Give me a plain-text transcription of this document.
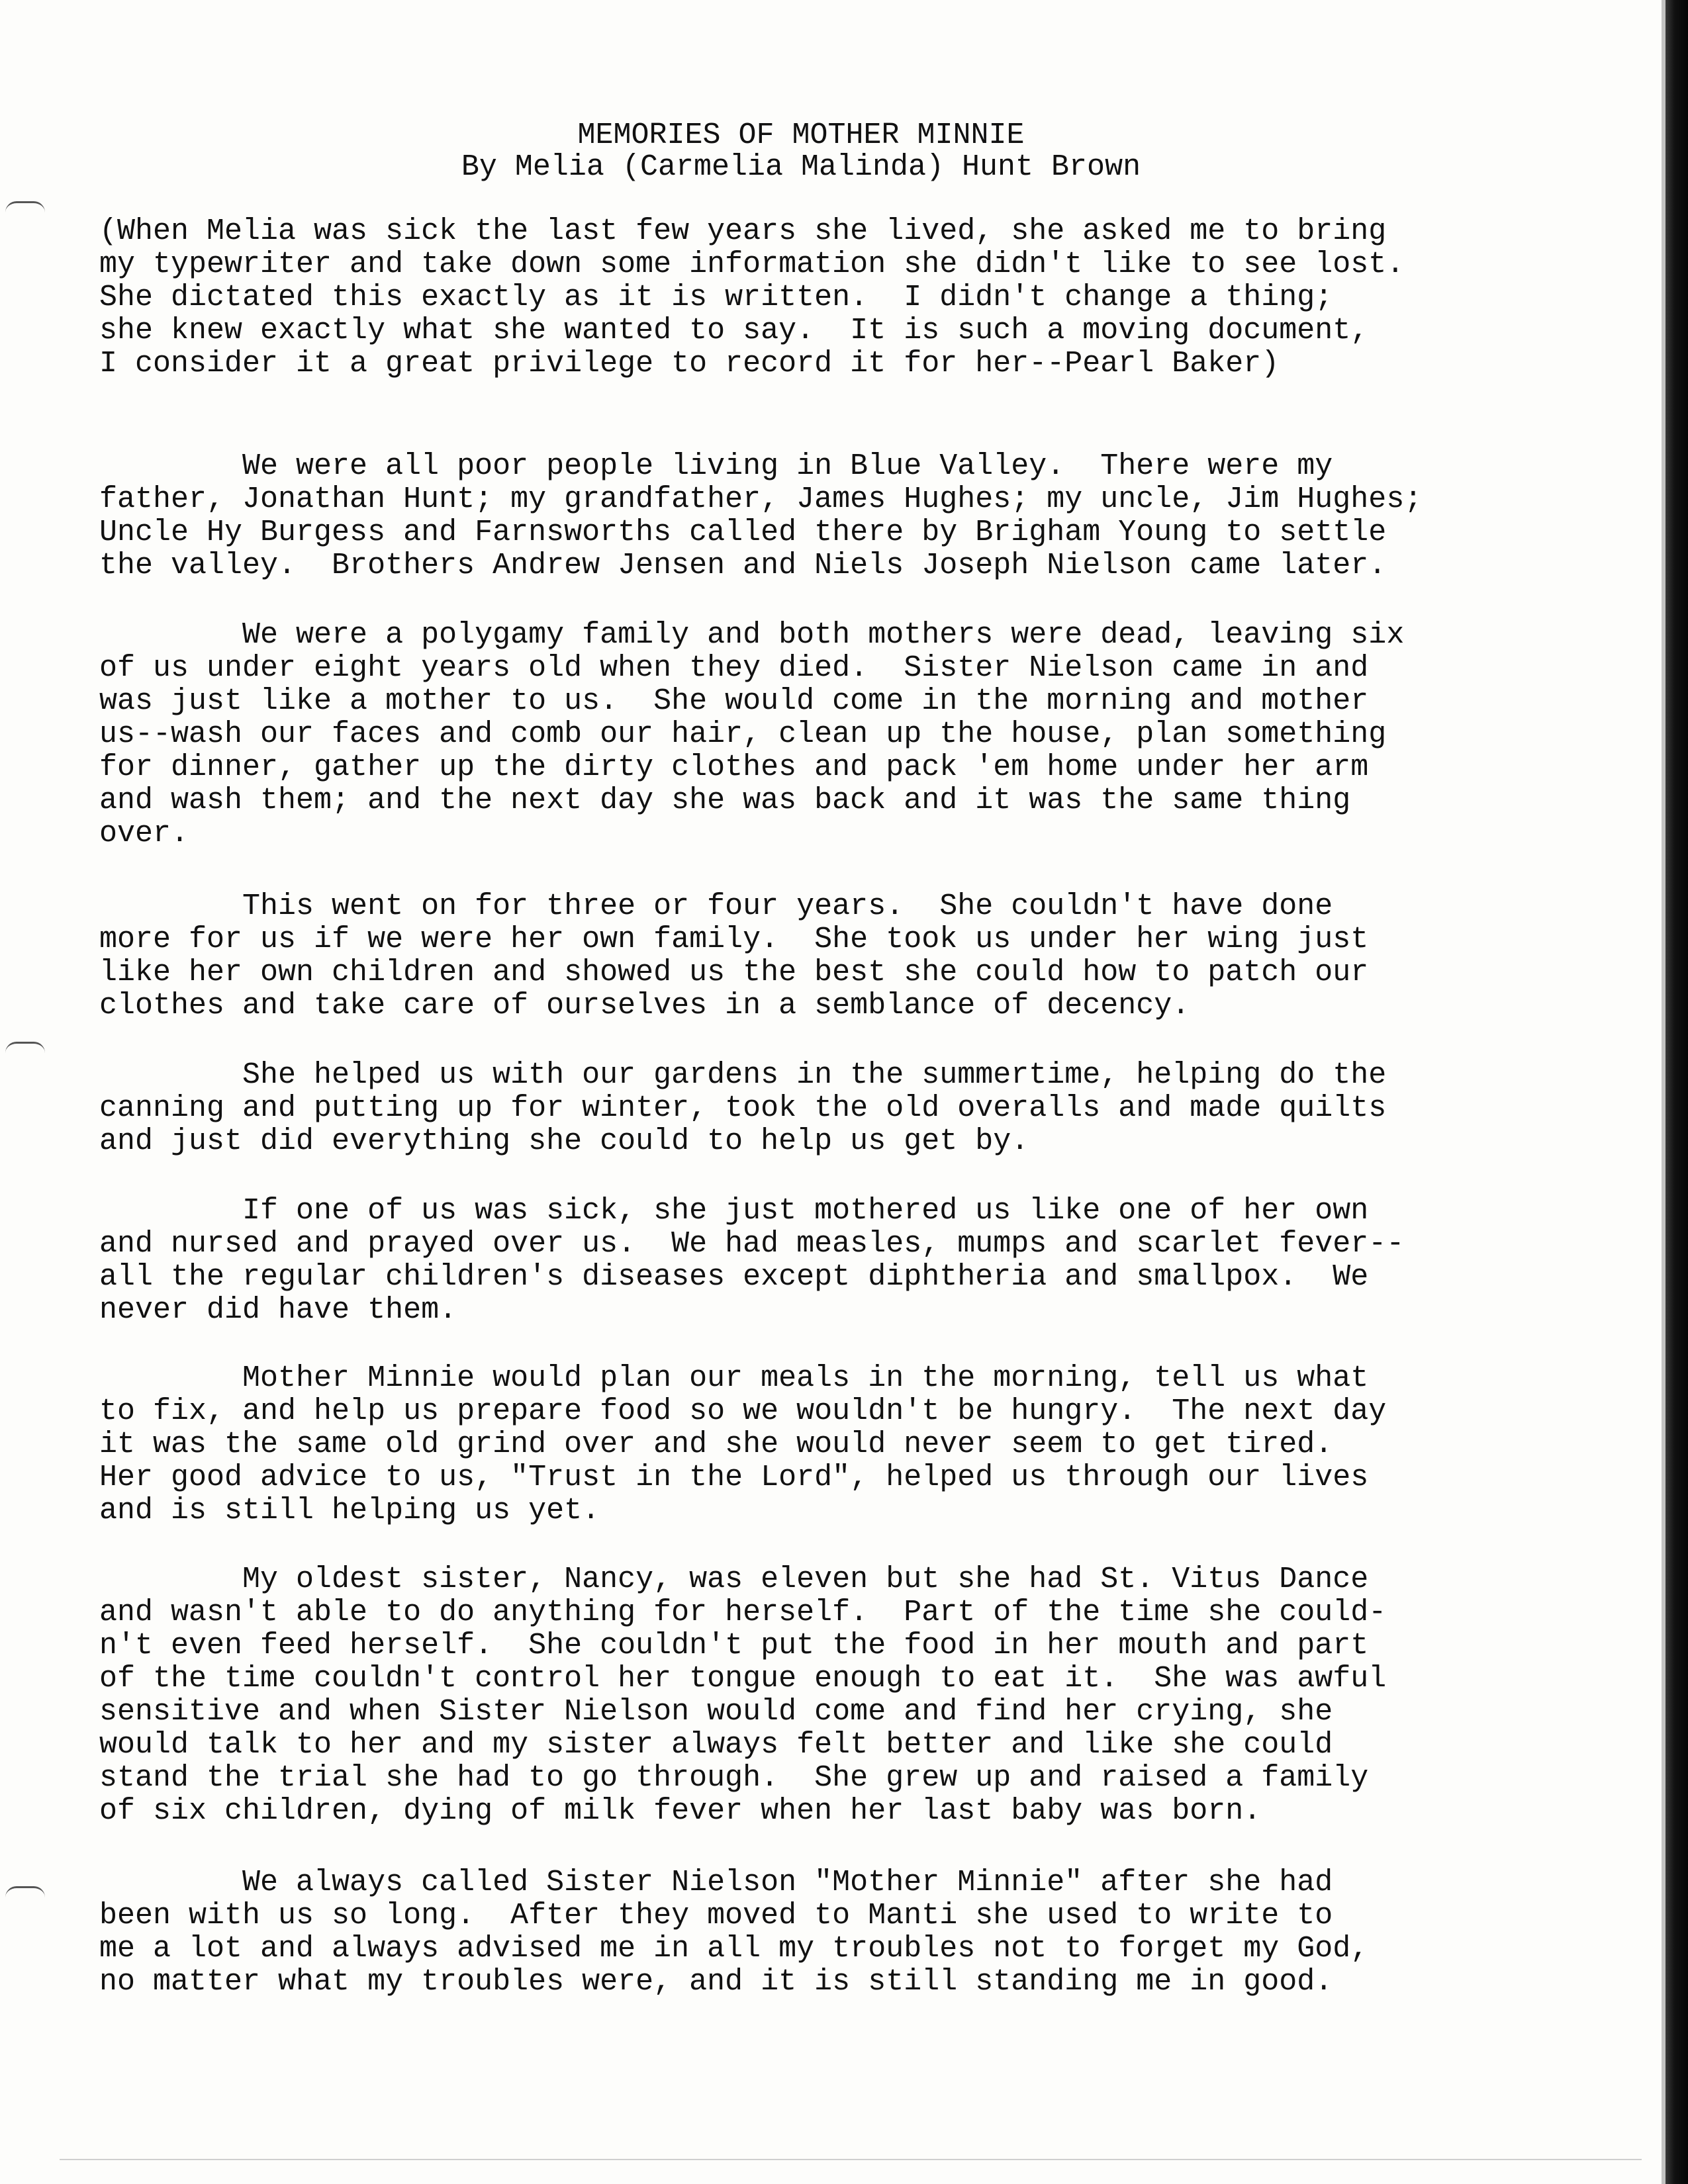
MEMORIES OF MOTHER MINNIE
By Melia (Carmelia Malinda) Hunt Brown
(When Melia was sick the last few years she lived, she asked me to bring
my typewriter and take down some information she didn't like to see lost.
She dictated this exactly as it is written.  I didn't change a thing;
she knew exactly what she wanted to say.  It is such a moving document,
I consider it a great privilege to record it for her--Pearl Baker)
We were all poor people living in Blue Valley.  There were my
father, Jonathan Hunt; my grandfather, James Hughes; my uncle, Jim Hughes;
Uncle Hy Burgess and Farnsworths called there by Brigham Young to settle
the valley.  Brothers Andrew Jensen and Niels Joseph Nielson came later.
We were a polygamy family and both mothers were dead, leaving six
of us under eight years old when they died.  Sister Nielson came in and
was just like a mother to us.  She would come in the morning and mother
us--wash our faces and comb our hair, clean up the house, plan something
for dinner, gather up the dirty clothes and pack 'em home under her arm
and wash them; and the next day she was back and it was the same thing
over.
This went on for three or four years.  She couldn't have done
more for us if we were her own family.  She took us under her wing just
like her own children and showed us the best she could how to patch our
clothes and take care of ourselves in a semblance of decency.
She helped us with our gardens in the summertime, helping do the
canning and putting up for winter, took the old overalls and made quilts
and just did everything she could to help us get by.
If one of us was sick, she just mothered us like one of her own
and nursed and prayed over us.  We had measles, mumps and scarlet fever--
all the regular children's diseases except diphtheria and smallpox.  We
never did have them.
Mother Minnie would plan our meals in the morning, tell us what
to fix, and help us prepare food so we wouldn't be hungry.  The next day
it was the same old grind over and she would never seem to get tired.
Her good advice to us, "Trust in the Lord", helped us through our lives
and is still helping us yet.
My oldest sister, Nancy, was eleven but she had St. Vitus Dance
and wasn't able to do anything for herself.  Part of the time she could-
n't even feed herself.  She couldn't put the food in her mouth and part
of the time couldn't control her tongue enough to eat it.  She was awful
sensitive and when Sister Nielson would come and find her crying, she
would talk to her and my sister always felt better and like she could
stand the trial she had to go through.  She grew up and raised a family
of six children, dying of milk fever when her last baby was born.
We always called Sister Nielson "Mother Minnie" after she had
been with us so long.  After they moved to Manti she used to write to
me a lot and always advised me in all my troubles not to forget my God,
no matter what my troubles were, and it is still standing me in good.
